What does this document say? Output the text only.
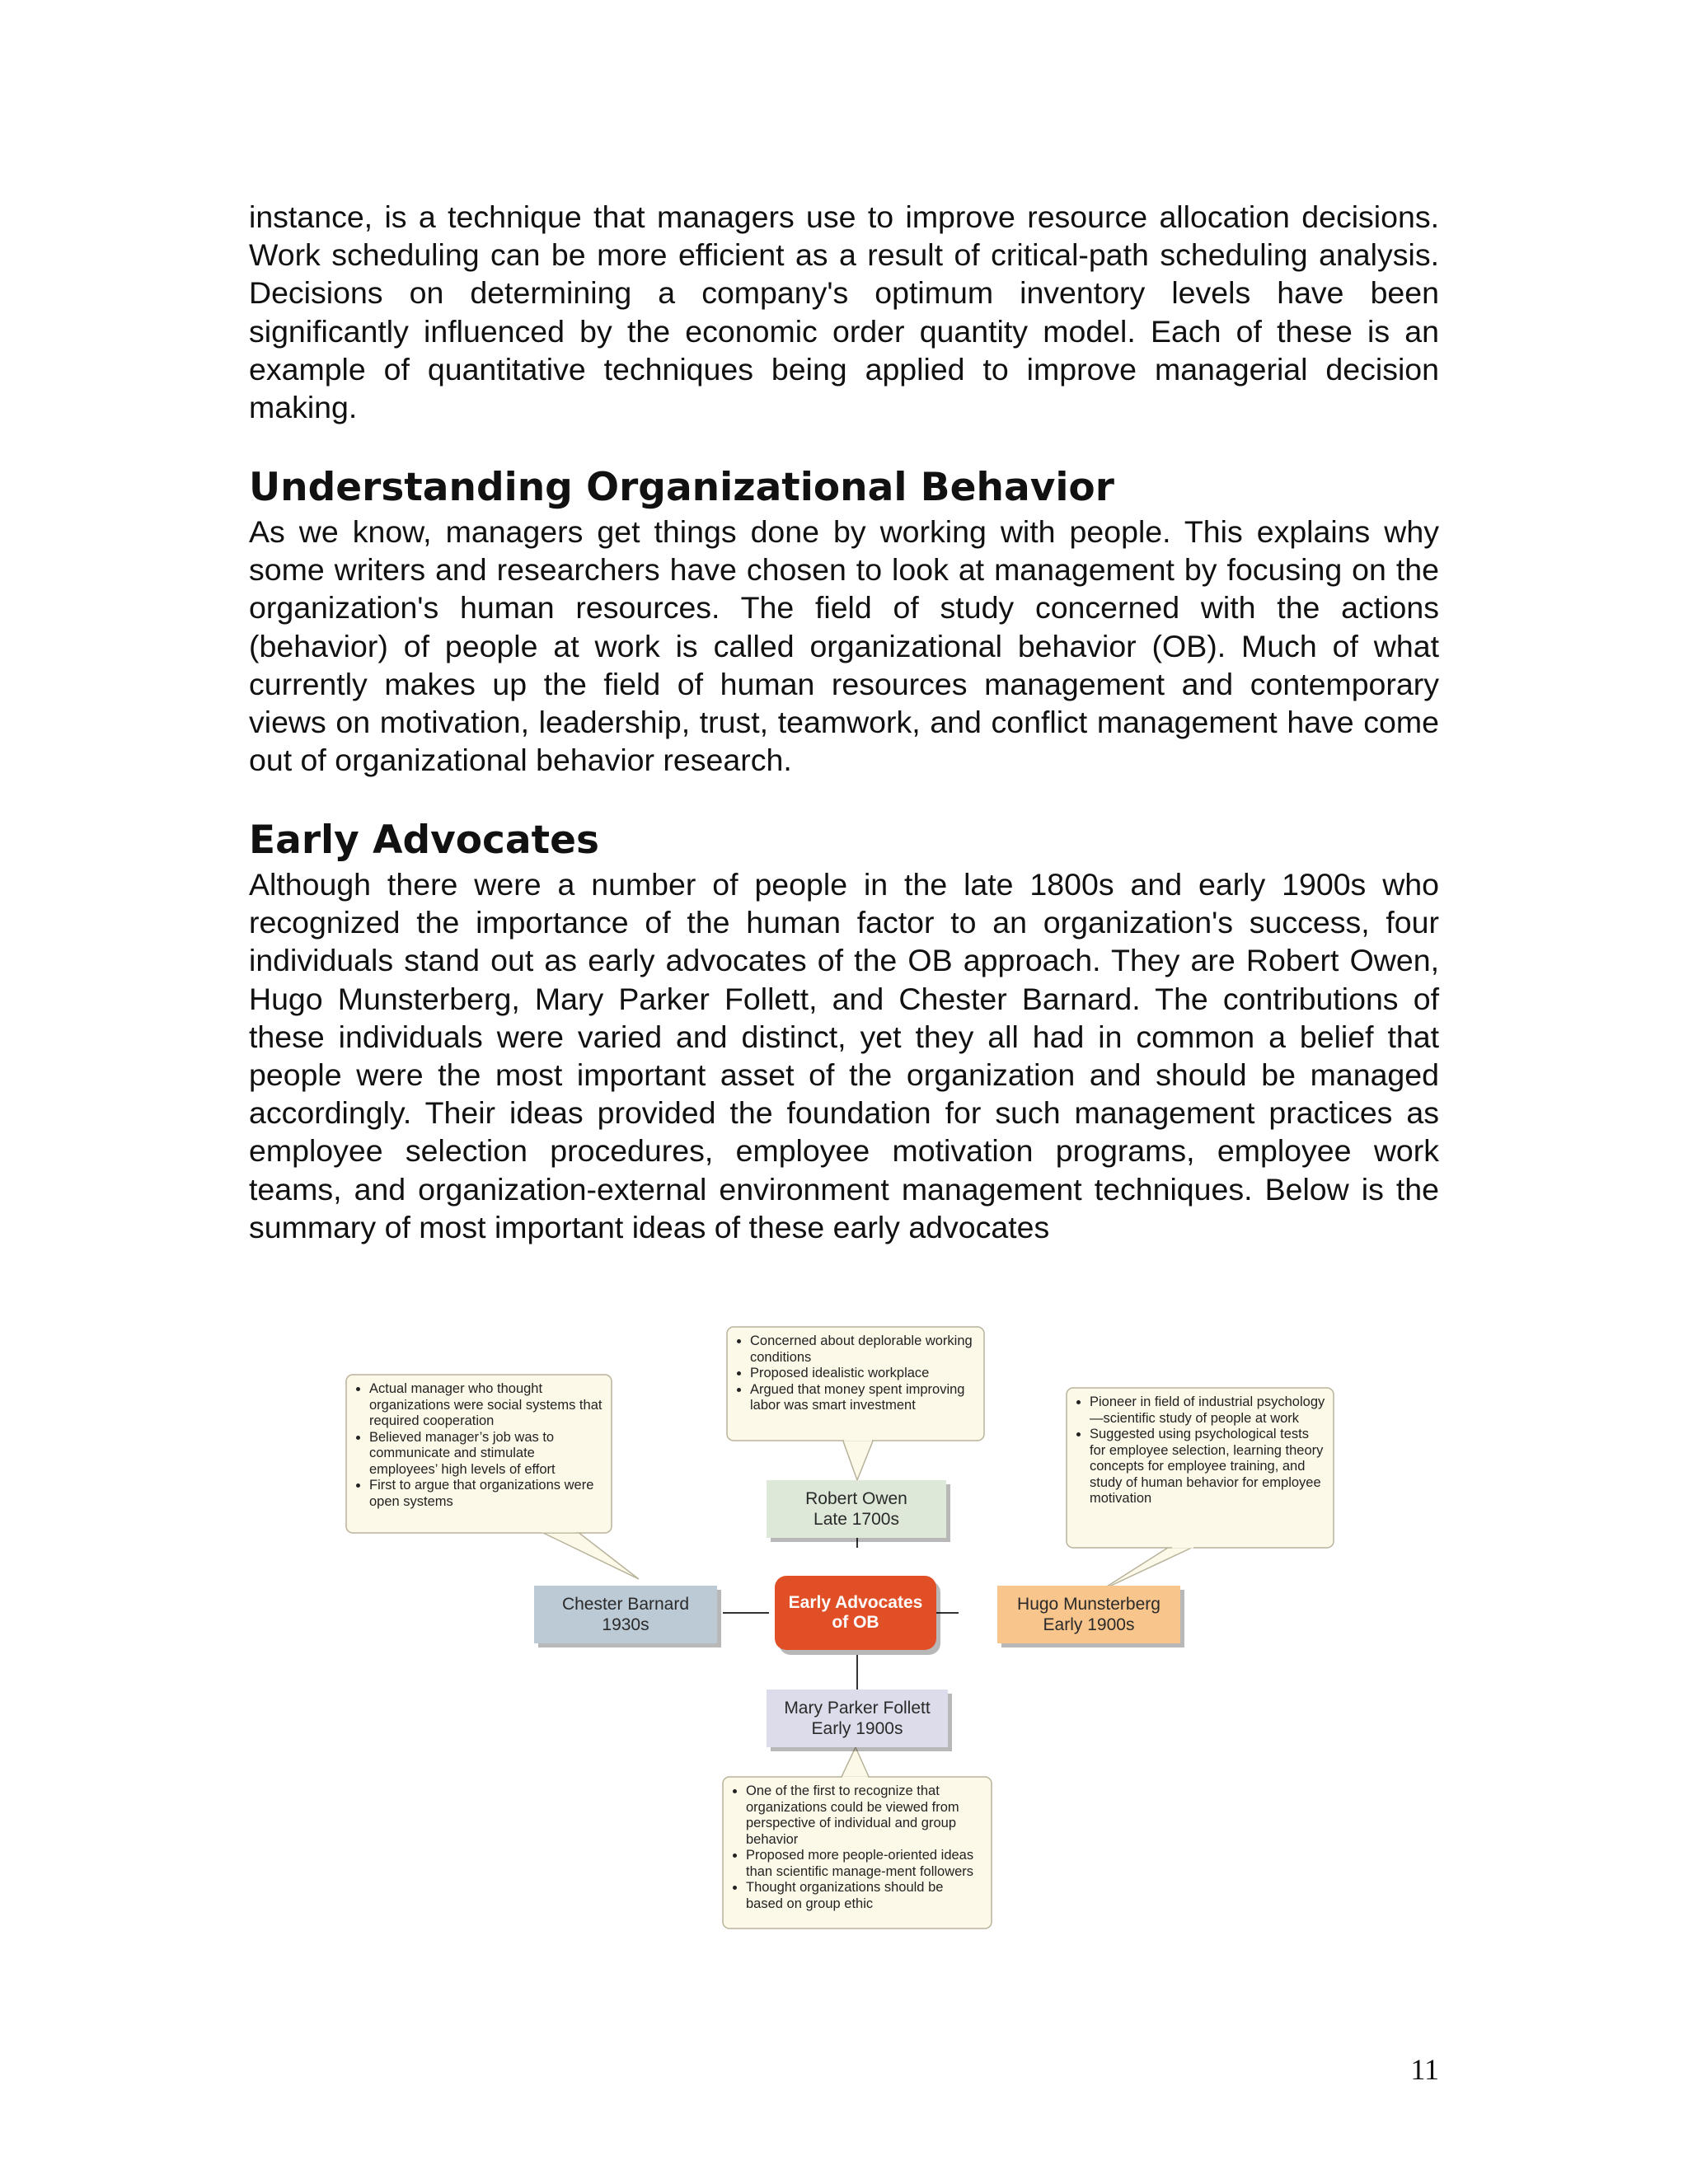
instance, is a technique that managers use to improve resource allocation decisions. Work scheduling can be more efficient as a result of critical-path scheduling analysis. Decisions on determining a company's optimum inventory levels have been significantly influenced by the economic order quantity model. Each of these is an example of quantitative techniques being applied to improve managerial decision making.

Understanding Organizational Behavior

As we know, managers get things done by working with people. This explains why some writers and researchers have chosen to look at management by focusing on the organization's human resources. The field of study concerned with the actions (behavior) of people at work is called organizational behavior (OB). Much of what currently makes up the field of human resources management and contemporary views on motivation, leadership, trust, teamwork, and conflict management have come out of organizational behavior research.

Early Advocates

Although there were a number of people in the late 1800s and early 1900s who recognized the importance of the human factor to an organization's success, four individuals stand out as early advocates of the OB approach. They are Robert Owen, Hugo Munsterberg, Mary Parker Follett, and Chester Barnard. The contributions of these individuals were varied and distinct, yet they all had in common a belief that people were the most important asset of the organization and should be managed accordingly. Their ideas provided the foundation for such management practices as employee selection procedures, employee motivation programs, employee work teams, and organization-external environment management techniques. Below is the summary of most important ideas of these early advocates

• Concerned about deplorable working conditions
• Proposed idealistic workplace
• Argued that money spent improving labor was smart investment
• Actual manager who thought organizations were social systems that required cooperation
• Believed manager’s job was to communicate and stimulate employees’ high levels of effort
• First to argue that organizations were open systems
• Pioneer in field of industrial psychology—scientific study of people at work
• Suggested using psychological tests for employee selection, learning theory concepts for employee training, and study of human behavior for employee motivation
• One of the first to recognize that organizations could be viewed from perspective of individual and group behavior
• Proposed more people-oriented ideas than scientific manage-ment followers
• Thought organizations should be based on group ethic
Robert Owen
Late 1700s
Chester Barnard
1930s
Hugo Munsterberg
Early 1900s
Mary Parker Follett
Early 1900s
Early Advocates
of OB
11
